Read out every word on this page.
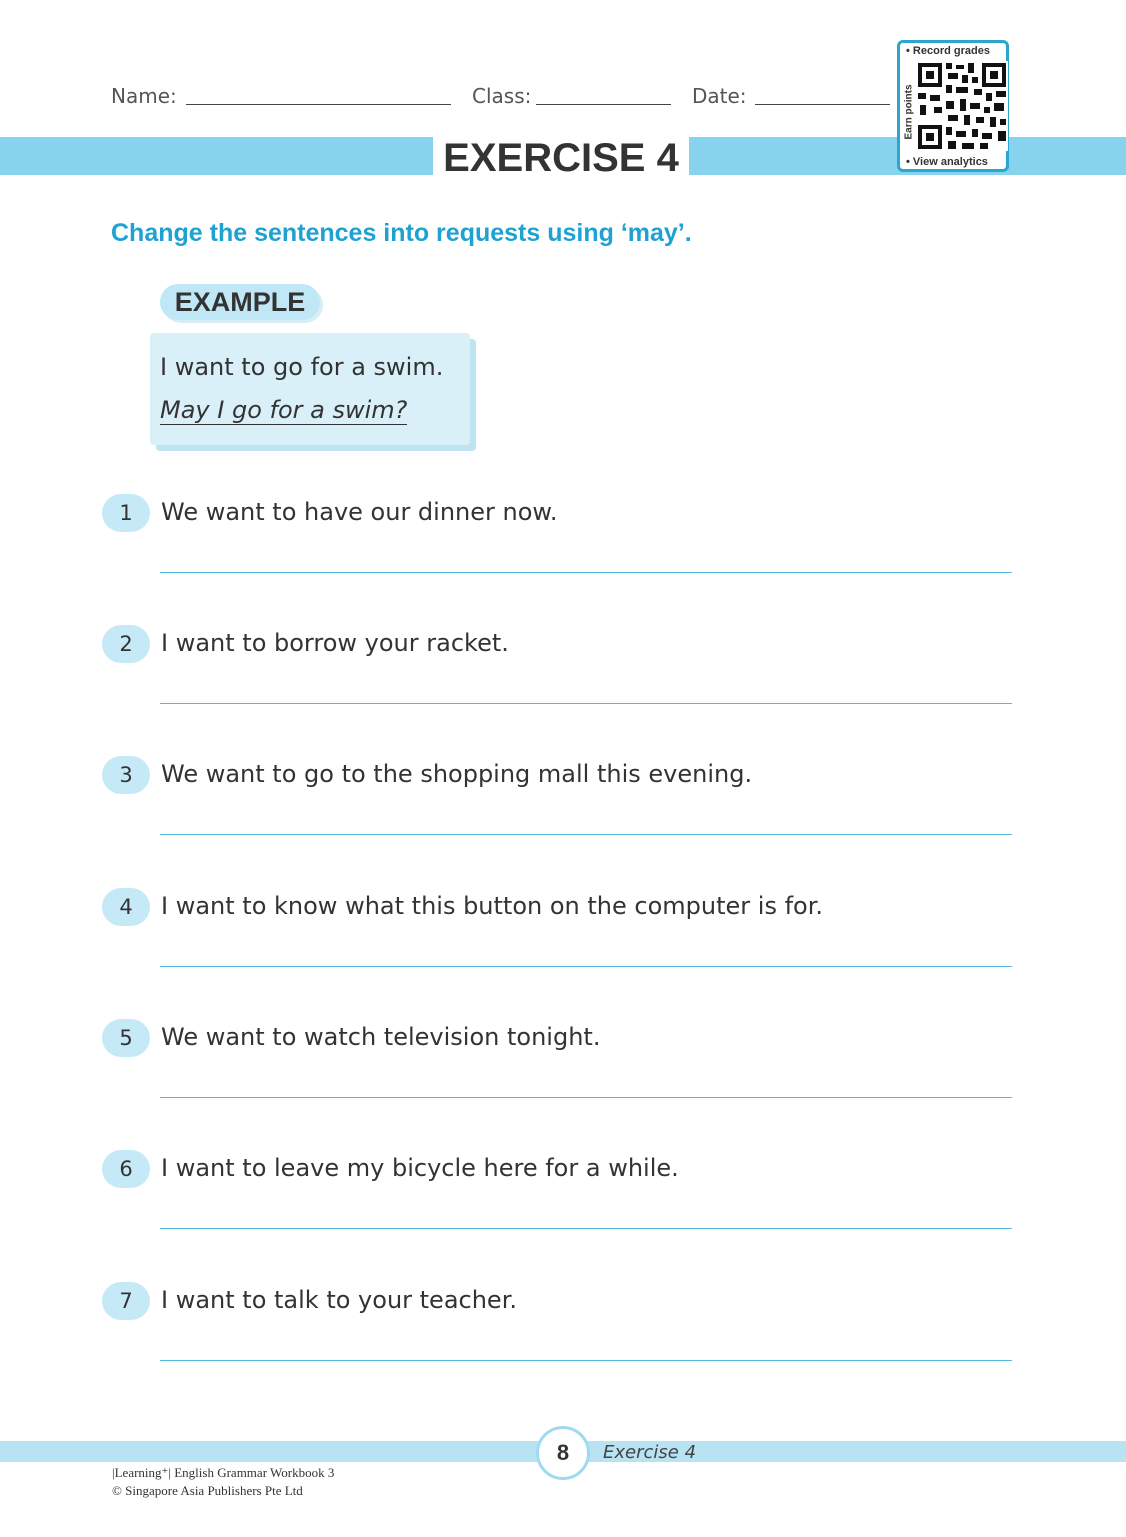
Name:	Class:	Date:
EXERCISE 4
• Record grades
Earn points
• View analytics
Change the sentences into requests using ‘may’.
EXAMPLE
I want to go for a swim.
May I go for a swim?
1	We want to have our dinner now.
2	I want to borrow your racket.
3	We want to go to the shopping mall this evening.
4	I want to know what this button on the computer is for.
5	We want to watch television tonight.
6	I want to leave my bicycle here for a while.
7	I want to talk to your teacher.
8	Exercise 4
|Learning⁺| English Grammar Workbook 3
© Singapore Asia Publishers Pte Ltd
